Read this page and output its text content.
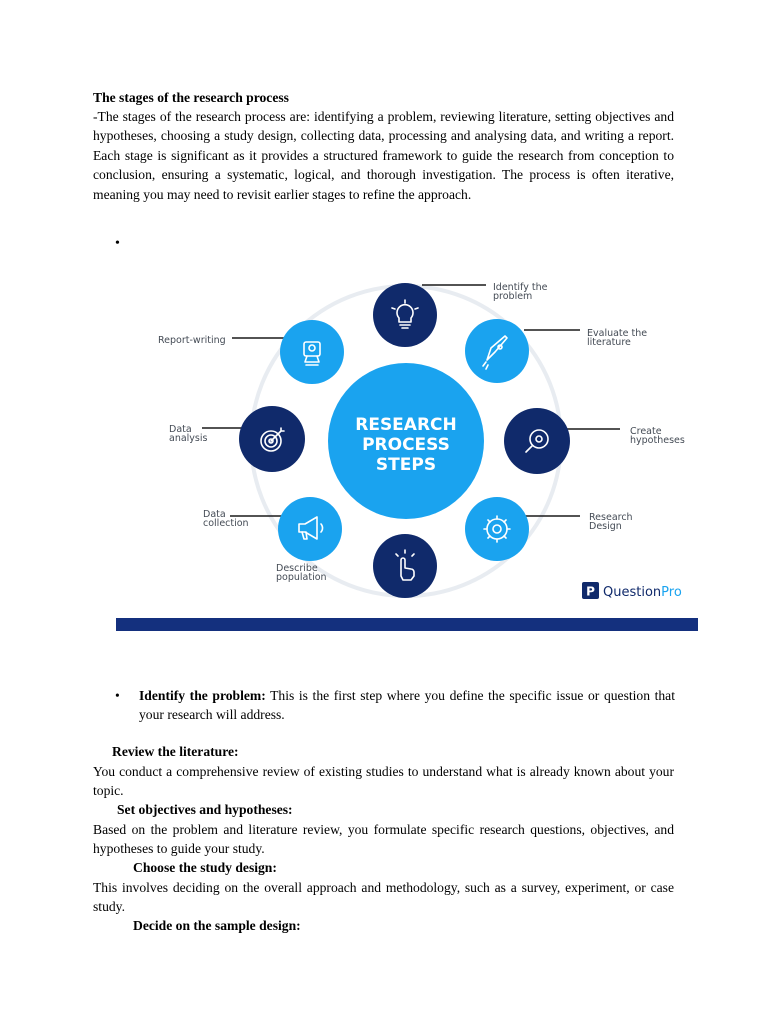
The stages of the research process
-The stages of the research process are: identifying a problem, reviewing literature, setting objectives and hypotheses, choosing a study design, collecting data, processing and analysing data, and writing a report. Each stage is significant as it provides a structured framework to guide the research from conception to conclusion, ensuring a systematic, logical, and thorough investigation. The process is often iterative, meaning you may need to revisit earlier stages to refine the approach.
•
RESEARCH
PROCESS
STEPS
Identify the
problem
Evaluate the
literature
Create
hypotheses
Research
Design
Describe
population
Data
collection
Data
analysis
Report-writing
P QuestionPro
• Identify the problem: This is the first step where you define the specific issue or question that your research will address.
Review the literature:
You conduct a comprehensive review of existing studies to understand what is already known about your topic.
Set objectives and hypotheses:
Based on the problem and literature review, you formulate specific research questions, objectives, and hypotheses to guide your study.
Choose the study design:
This involves deciding on the overall approach and methodology, such as a survey, experiment, or case study.
Decide on the sample design:
